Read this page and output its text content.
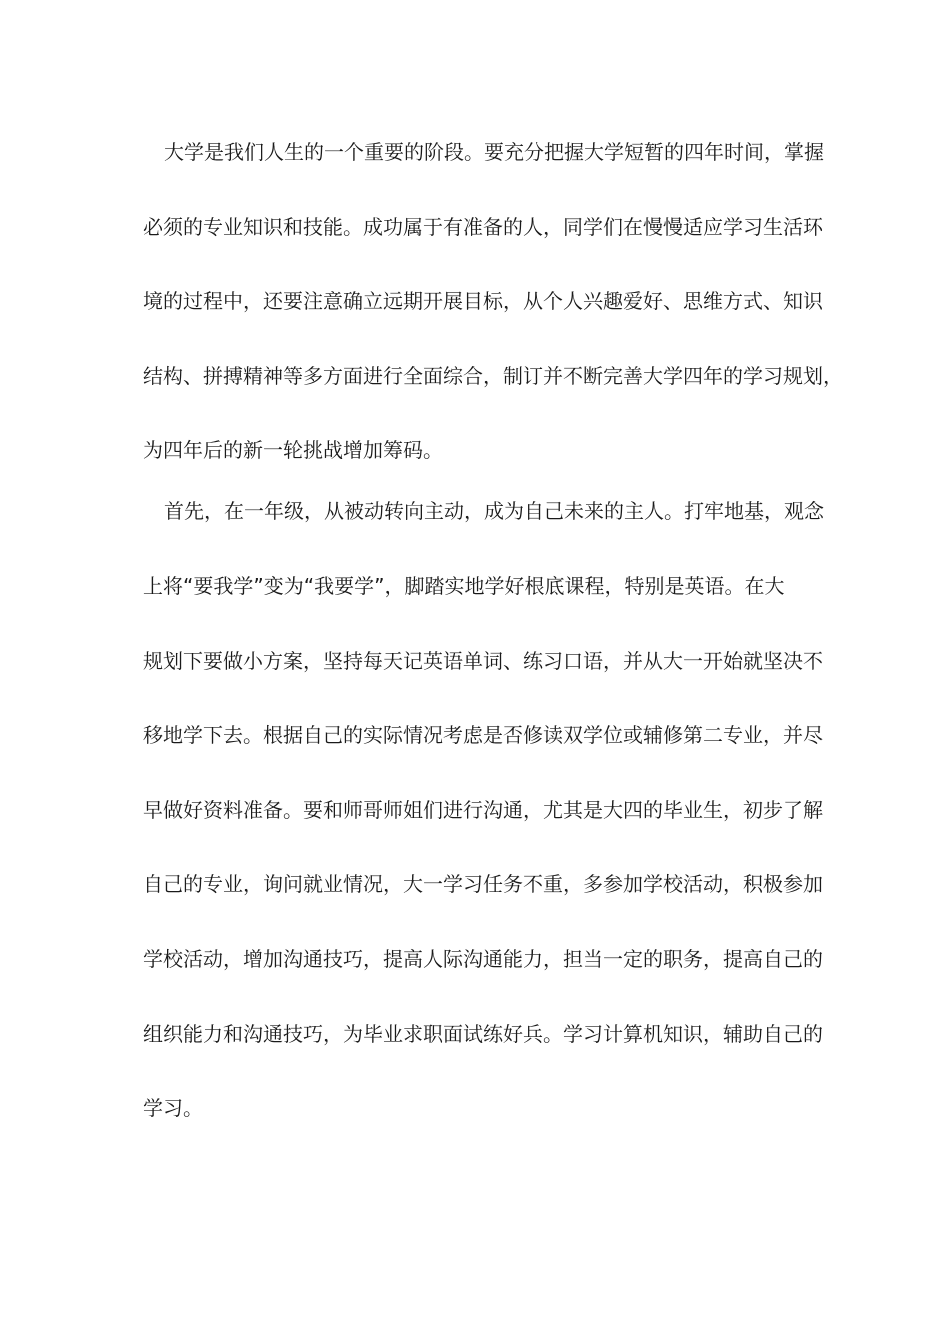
大学是我们人生的一个重要的阶段。要充分把握大学短暂的四年时间，掌握
必须的专业知识和技能。成功属于有准备的人，同学们在慢慢适应学习生活环
境的过程中，还要注意确立远期开展目标，从个人兴趣爱好、思维方式、知识
结构、拼搏精神等多方面进行全面综合，制订并不断完善大学四年的学习规划，
为四年后的新一轮挑战增加筹码。
首先，在一年级，从被动转向主动，成为自己未来的主人。打牢地基，观念
上将“要我学”变为“我要学”，脚踏实地学好根底课程，特别是英语。在大
规划下要做小方案，坚持每天记英语单词、练习口语，并从大一开始就坚决不
移地学下去。根据自己的实际情况考虑是否修读双学位或辅修第二专业，并尽
早做好资料准备。要和师哥师姐们进行沟通，尤其是大四的毕业生，初步了解
自己的专业，询问就业情况，大一学习任务不重，多参加学校活动，积极参加
学校活动，增加沟通技巧，提高人际沟通能力，担当一定的职务，提高自己的
组织能力和沟通技巧，为毕业求职面试练好兵。学习计算机知识，辅助自己的
学习。
